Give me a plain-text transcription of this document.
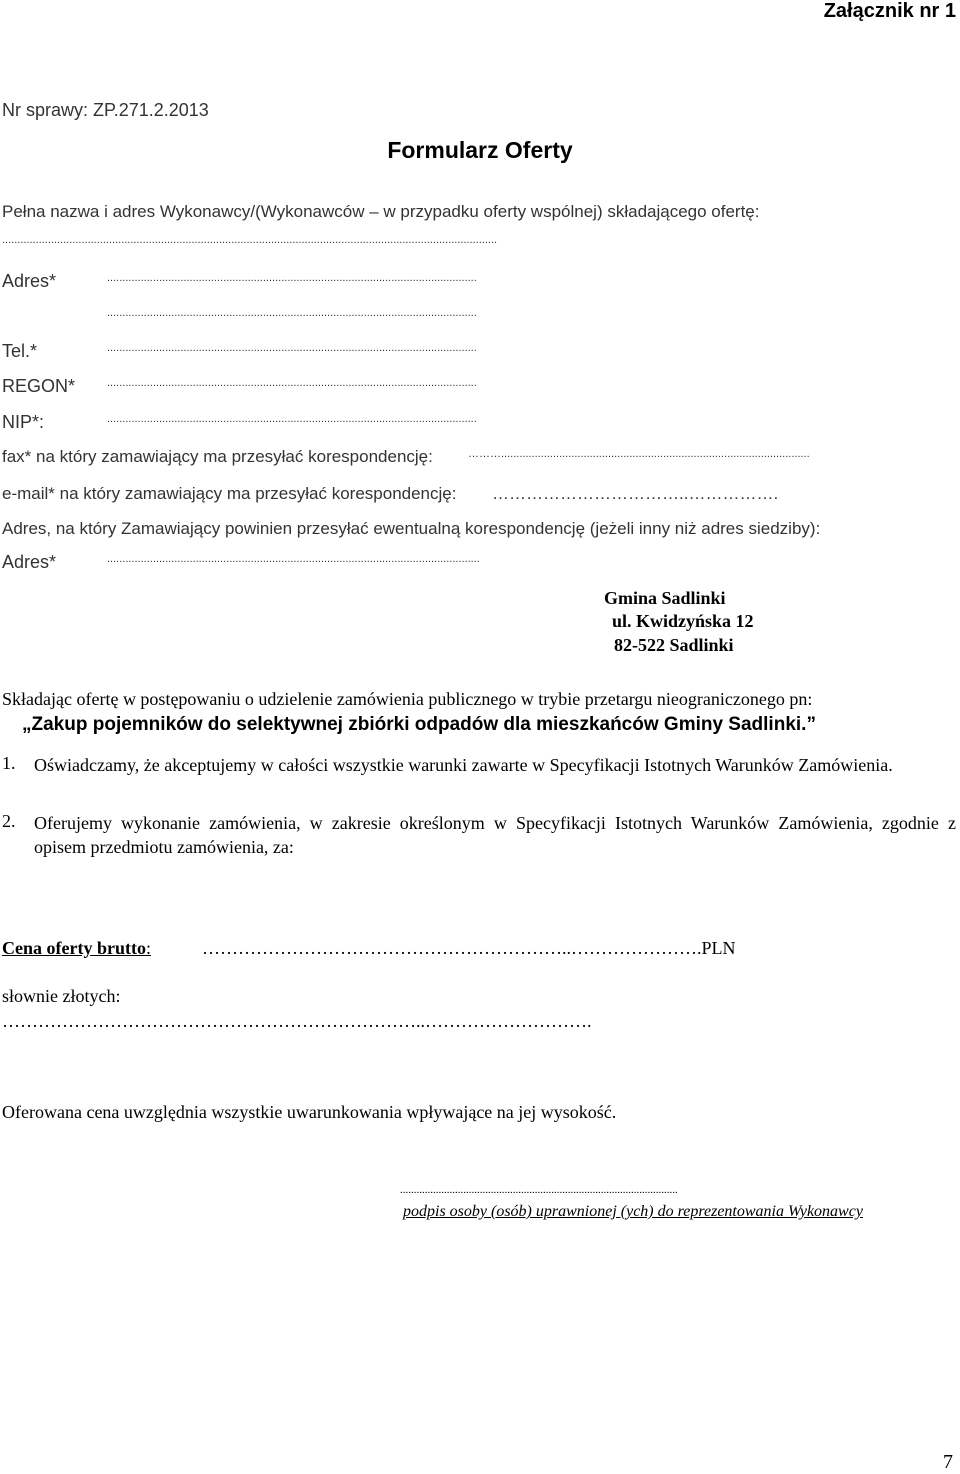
Załącznik nr 1
Nr sprawy: ZP.271.2.2013
Formularz Oferty
Pełna nazwa i adres Wykonawcy/(Wykonawców – w przypadku oferty wspólnej) składającego ofertę:
..................................................................................................................................................................
Adres*	.........................................................................................................................
.........................................................................................................................
Tel.*	.........................................................................................................................
REGON*	.........................................................................................................................
NIP*:	.........................................................................................................................
fax* na który zamawiający ma przesyłać korespondencję:	……….....................................................................................................
e-mail* na który zamawiający ma przesyłać korespondencję: ……………………………..…………….
Adres, na który Zamawiający powinien przesyłać ewentualną korespondencję (jeżeli inny niż adres siedziby):
Adres*	..........................................................................................................................
Gmina Sadlinki
ul. Kwidzyńska 12
82-522 Sadlinki
Składając ofertę w postępowaniu o udzielenie zamówienia publicznego w trybie przetargu nieograniczonego pn:
„Zakup pojemników do selektywnej zbiórki odpadów dla mieszkańców Gminy Sadlinki.”
1. Oświadczamy, że akceptujemy w całości wszystkie warunki zawarte w Specyfikacji Istotnych Warunków Zamówienia.
2. Oferujemy wykonanie zamówienia, w zakresie określonym w Specyfikacji Istotnych Warunków Zamówienia, zgodnie z opisem przedmiotu zamówienia, za:
Cena oferty brutto:	……………………………………………………..………………….PLN
słownie złotych:
……………………………………………………………..……………………….
Oferowana cena uwzględnia wszystkie uwarunkowania wpływające na jej wysokość.
.....................................................................................................
podpis osoby (osób) uprawnionej (ych) do reprezentowania Wykonawcy
7
